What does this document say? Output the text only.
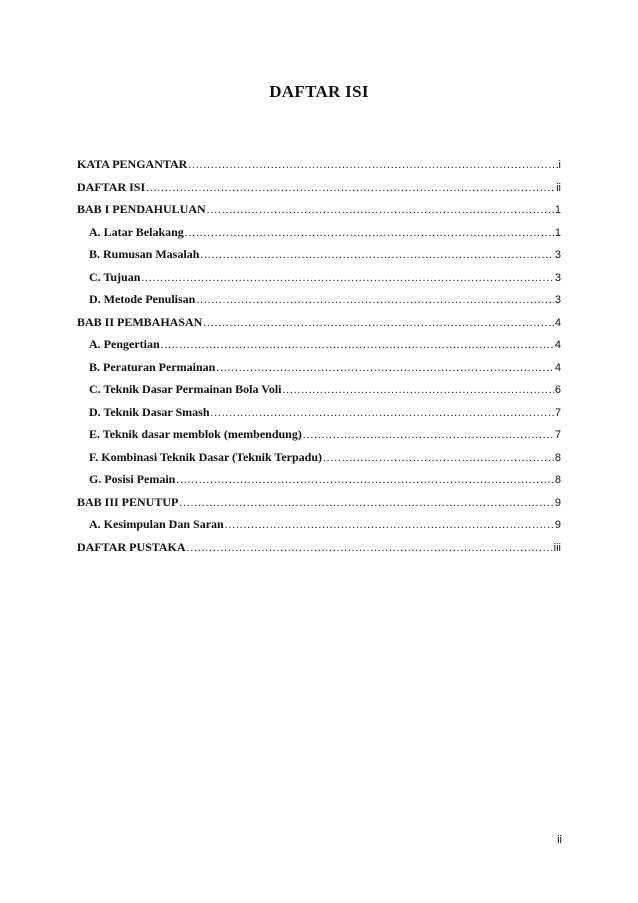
DAFTAR ISI
KATA PENGANTAR .....	i
DAFTAR ISI .....	ii
BAB I PENDAHULUAN .....	1
A. Latar Belakang .....	1
B. Rumusan Masalah .....	3
C. Tujuan .....	3
D. Metode Penulisan .....	3
BAB II PEMBAHASAN .....	4
A. Pengertian .....	4
B. Peraturan Permainan .....	4
C. Teknik Dasar Permainan Bola Voli .....	6
D. Teknik Dasar Smash .....	7
E. Teknik dasar memblok (membendung) .....	7
F. Kombinasi Teknik Dasar (Teknik Terpadu) .....	8
G. Posisi Pemain .....	8
BAB III PENUTUP .....	9
A. Kesimpulan Dan Saran .....	9
DAFTAR PUSTAKA .....	iii
ii
